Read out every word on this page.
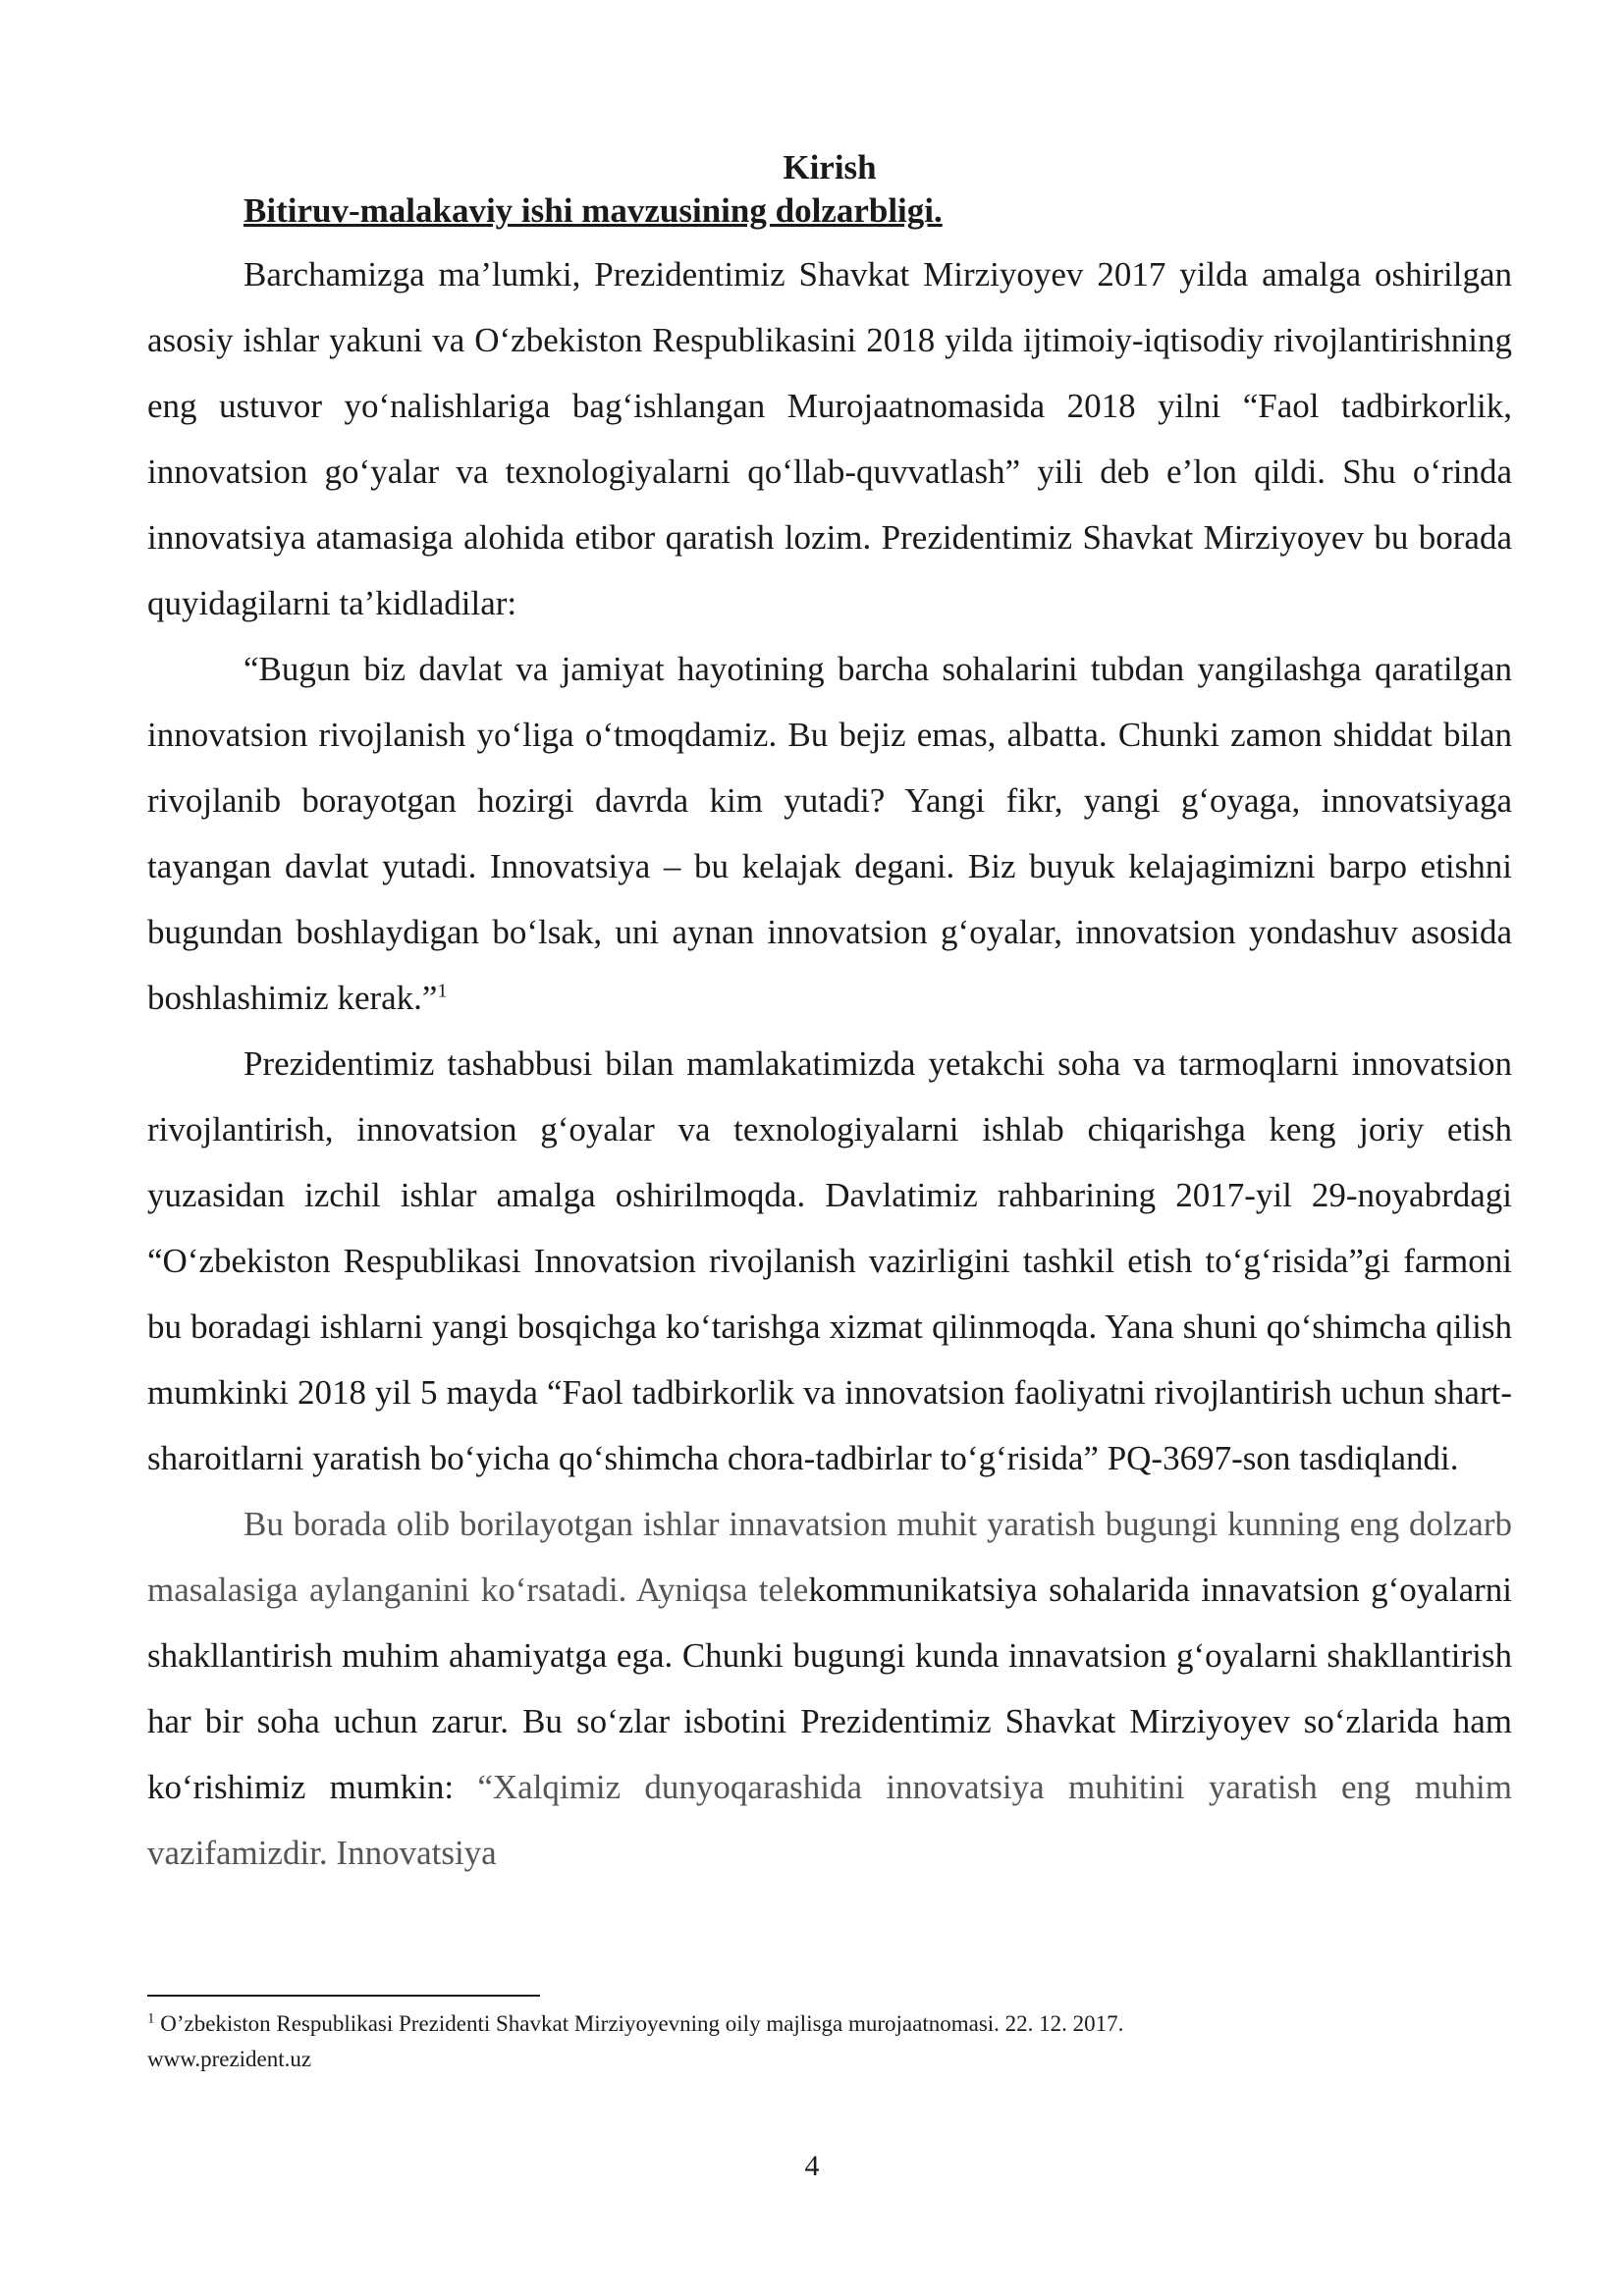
Kirish
Bitiruv-malakaviy ishi mavzusining dolzarbligi.

Barchamizga ma’lumki, Prezidentimiz Shavkat Mirziyoyev 2017 yilda amalga oshirilgan asosiy ishlar yakuni va O‘zbekiston Respublikasini 2018 yilda ijtimoiy-iqtisodiy rivojlantirishning eng ustuvor yo‘nalishlariga bag‘ishlangan Murojaatnomasida 2018 yilni “Faol tadbirkorlik, innovatsion go‘yalar va texnologiyalarni qo‘llab-quvvatlash” yili deb e’lon qildi. Shu o‘rinda innovatsiya atamasiga alohida etibor qaratish lozim. Prezidentimiz Shavkat Mirziyoyev bu borada quyidagilarni ta’kidladilar:

“Bugun biz davlat va jamiyat hayotining barcha sohalarini tubdan yangilashga qaratilgan innovatsion rivojlanish yo‘liga o‘tmoqdamiz. Bu bejiz emas, albatta. Chunki zamon shiddat bilan rivojlanib borayotgan hozirgi davrda kim yutadi? Yangi fikr, yangi g‘oyaga, innovatsiyaga tayangan davlat yutadi. Innovatsiya – bu kelajak degani. Biz buyuk kelajagimizni barpo etishni bugundan boshlaydigan bo‘lsak, uni aynan innovatsion g‘oyalar, innovatsion yondashuv asosida boshlashimiz kerak.”$^1$

Prezidentimiz tashabbusi bilan mamlakatimizda yetakchi soha va tarmoqlarni innovatsion rivojlantirish, innovatsion g‘oyalar va texnologiyalarni ishlab chiqarishga keng joriy etish yuzasidan izchil ishlar amalga oshirilmoqda. Davlatimiz rahbarining 2017-yil 29-noyabrdagi “O‘zbekiston Respublikasi Innovatsion rivojlanish vazirligini tashkil etish to‘g‘risida”gi farmoni bu boradagi ishlarni yangi bosqichga ko‘tarishga xizmat qilinmoqda. Yana shuni qo‘shimcha qilish mumkinki 2018 yil 5 mayda “Faol tadbirkorlik va innovatsion faoliyatni rivojlantirish uchun shart-sharoitlarni yaratish bo‘yicha qo‘shimcha chora-tadbirlar to‘g‘risida” PQ-3697-son tasdiqlandi.

Bu borada olib borilayotgan ishlar innavatsion muhit yaratish bugungi kunning eng dolzarb masalasiga aylanganini ko‘rsatadi. Ayniqsa telekommunikatsiya sohalarida innavatsion g‘oyalarni shakllantirish muhim ahamiyatga ega. Chunki bugungi kunda innavatsion g‘oyalarni shakllantirish har bir soha uchun zarur. Bu so‘zlar isbotini Prezidentimiz Shavkat Mirziyoyev so‘zlarida ham ko‘rishimiz mumkin: “Xalqimiz dunyoqarashida innovatsiya muhitini yaratish eng muhim vazifamizdir. Innovatsiya

$^1$ O’zbekiston Respublikasi Prezidenti Shavkat Mirziyoyevning oily majlisga murojaatnomasi. 22. 12. 2017.
www.prezident.uz
4
